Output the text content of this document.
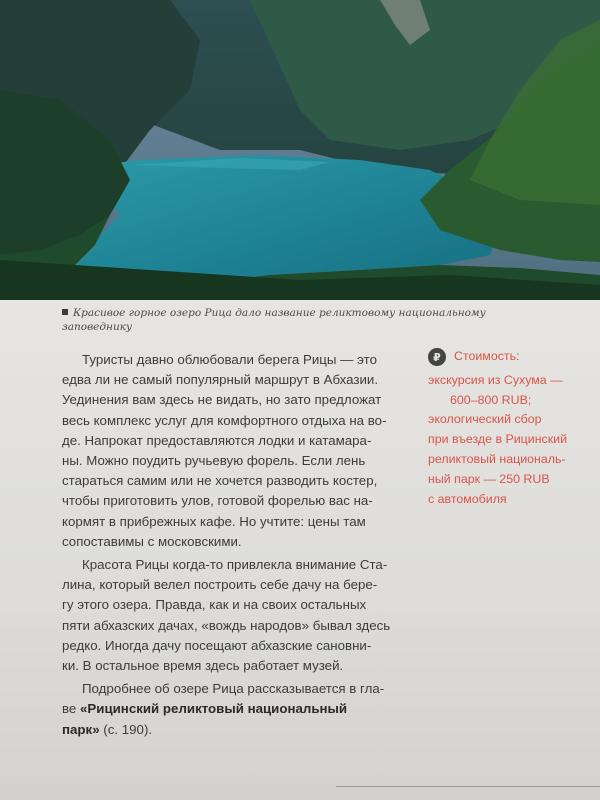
Красивое горное озеро Рица дало название реликтовому национальному
заповеднику
Туристы давно облюбовали берега Рицы — это
едва ли не самый популярный маршрут в Абхазии.
Уединения вам здесь не видать, но зато предложат
весь комплекс услуг для комфортного отдыха на во-
де. Напрокат предоставляются лодки и катамара-
ны. Можно поудить ручьевую форель. Если лень
стараться самим или не хочется разводить костер,
чтобы приготовить улов, готовой форелью вас на-
кормят в прибрежных кафе. Но учтите: цены там
сопоставимы с московскими.
Красота Рицы когда-то привлекла внимание Ста-
лина, который велел построить себе дачу на бере-
гу этого озера. Правда, как и на своих остальных
пяти абхазских дачах, «вождь народов» бывал здесь
редко. Иногда дачу посещают абхазские сановни-
ки. В остальное время здесь работает музей.
Подробнее об озере Рица рассказывается в гла-
ве «Рицинский реликтовый национальный
парк» (с. 190).
₽ Стоимость:
экскурсия из Сухума —
600–800 RUB;
экологический сбор
при въезде в Рицинский
реликтовый националь-
ный парк — 250 RUB
с автомобиля
